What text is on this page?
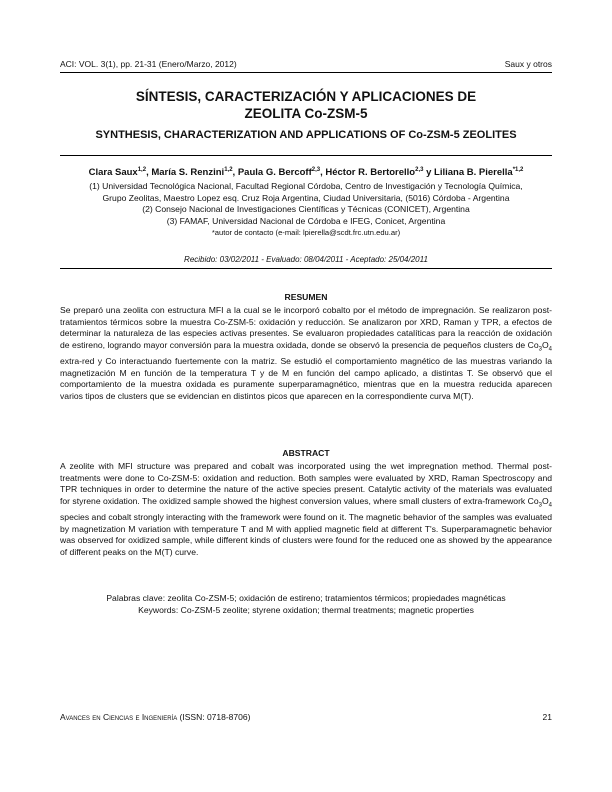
ACI: VOL. 3(1), pp. 21-31 (Enero/Marzo, 2012)	Saux y otros
SÍNTESIS, CARACTERIZACIÓN Y APLICACIONES DE
ZEOLITA Co-ZSM-5
SYNTHESIS, CHARACTERIZATION AND APPLICATIONS OF Co-ZSM-5 ZEOLITES
Clara Saux$^{1,2}$, María S. Renzini$^{1,2}$, Paula G. Bercoff$^{2,3}$, Héctor R. Bertorello$^{2,3}$ y Liliana B. Pierella$^{*1,2}$
(1) Universidad Tecnológica Nacional, Facultad Regional Córdoba, Centro de Investigación y Tecnología Química,
Grupo Zeolitas, Maestro Lopez esq. Cruz Roja Argentina, Ciudad Universitaria, (5016) Córdoba - Argentina
(2) Consejo Nacional de Investigaciones Científicas y Técnicas (CONICET), Argentina
(3) FAMAF, Universidad Nacional de Córdoba e IFEG, Conicet, Argentina
*autor de contacto (e-mail: lpierella@scdt.frc.utn.edu.ar)
Recibido: 03/02/2011 - Evaluado: 08/04/2011 - Aceptado: 25/04/2011
RESUMEN

Se preparó una zeolita con estructura MFI a la cual se le incorporó cobalto por el método de impregnación. Se realizaron post-tratamientos térmicos sobre la muestra Co-ZSM-5: oxidación y reducción. Se analizaron por XRD, Raman y TPR, a efectos de determinar la naturaleza de las especies activas presentes. Se evaluaron propiedades catalíticas para la reacción de oxidación de estireno, logrando mayor conversión para la muestra oxidada, donde se observó la presencia de pequeños clusters de $Co_3O_4$ extra-red y Co interactuando fuertemente con la matriz. Se estudió el comportamiento magnético de las muestras variando la magnetización M en función de la temperatura T y de M en función del campo aplicado, a distintas T. Se observó que el comportamiento de la muestra oxidada es puramente superparamagnético, mientras que en la muestra reducida aparecen varios tipos de clusters que se evidencian en distintos picos que aparecen en la correspondiente curva M(T).

ABSTRACT

A zeolite with MFI structure was prepared and cobalt was incorporated using the wet impregnation method. Thermal post-treatments were done to Co-ZSM-5: oxidation and reduction. Both samples were evaluated by XRD, Raman Spectroscopy and TPR techniques in order to determine the nature of the active species present. Catalytic activity of the materials was evaluated for styrene oxidation. The oxidized sample showed the highest conversion values, where small clusters of extra-framework $Co_3O_4$ species and cobalt strongly interacting with the framework were found on it. The magnetic behavior of the samples was evaluated by magnetization M variation with temperature T and M with applied magnetic field at different T's. Superparamagnetic behavior was observed for oxidized sample, while different kinds of clusters were found for the reduced one as showed by the appearance of different peaks on the M(T) curve.

Palabras clave: zeolita Co-ZSM-5; oxidación de estireno; tratamientos térmicos; propiedades magnéticas
Keywords: Co-ZSM-5 zeolite; styrene oxidation; thermal treatments; magnetic properties
Avances en Ciencias e Ingeniería (ISSN: 0718-8706)	21
